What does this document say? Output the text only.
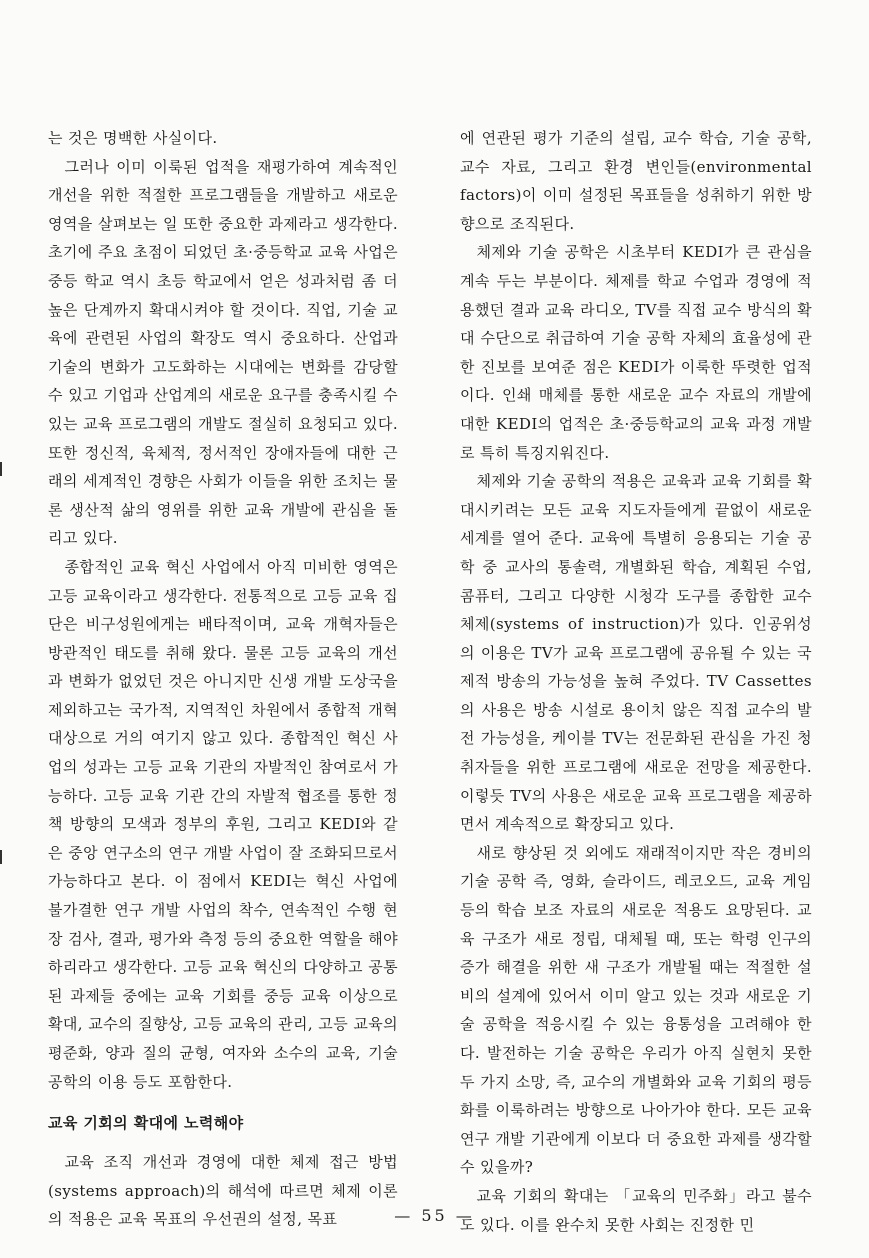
는 것은 명백한 사실이다.

그러나 이미 이룩된 업적을 재평가하여 계속적인 개선을 위한 적절한 프로그램들을 개발하고 새로운 영역을 살펴보는 일 또한 중요한 과제라고 생각한다. 초기에 주요 초점이 되었던 초·중등학교 교육 사업은 중등 학교 역시 초등 학교에서 얻은 성과처럼 좀 더 높은 단계까지 확대시켜야 할 것이다. 직업, 기술 교육에 관련된 사업의 확장도 역시 중요하다. 산업과 기술의 변화가 고도화하는 시대에는 변화를 감당할 수 있고 기업과 산업계의 새로운 요구를 충족시킬 수 있는 교육 프로그램의 개발도 절실히 요청되고 있다. 또한 정신적, 육체적, 정서적인 장애자들에 대한 근래의 세계적인 경향은 사회가 이들을 위한 조치는 물론 생산적 삶의 영위를 위한 교육 개발에 관심을 돌리고 있다.

종합적인 교육 혁신 사업에서 아직 미비한 영역은 고등 교육이라고 생각한다. 전통적으로 고등 교육 집단은 비구성원에게는 배타적이며, 교육 개혁자들은 방관적인 태도를 취해 왔다. 물론 고등 교육의 개선과 변화가 없었던 것은 아니지만 신생 개발 도상국을 제외하고는 국가적, 지역적인 차원에서 종합적 개혁 대상으로 거의 여기지 않고 있다. 종합적인 혁신 사업의 성과는 고등 교육 기관의 자발적인 참여로서 가능하다. 고등 교육 기관 간의 자발적 협조를 통한 정책 방향의 모색과 정부의 후원, 그리고 KEDI와 같은 중앙 연구소의 연구 개발 사업이 잘 조화되므로서 가능하다고 본다. 이 점에서 KEDI는 혁신 사업에 불가결한 연구 개발 사업의 착수, 연속적인 수행 현장 검사, 결과, 평가와 측정 등의 중요한 역할을 해야 하리라고 생각한다. 고등 교육 혁신의 다양하고 공통된 과제들 중에는 교육 기회를 중등 교육 이상으로 확대, 교수의 질향상, 고등 교육의 관리, 고등 교육의 평준화, 양과 질의 균형, 여자와 소수의 교육, 기술 공학의 이용 등도 포함한다.

교육 기회의 확대에 노력해야

교육 조직 개선과 경영에 대한 체제 접근 방법(systems approach)의 해석에 따르면 체제 이론의 적용은 교육 목표의 우선권의 설정, 목표

에 연관된 평가 기준의 설립, 교수 학습, 기술 공학, 교수 자료, 그리고 환경 변인들(environmental factors)이 이미 설정된 목표들을 성취하기 위한 방향으로 조직된다.

체제와 기술 공학은 시초부터 KEDI가 큰 관심을 계속 두는 부분이다. 체제를 학교 수업과 경영에 적용했던 결과 교육 라디오, TV를 직접 교수 방식의 확대 수단으로 취급하여 기술 공학 자체의 효율성에 관한 진보를 보여준 점은 KEDI가 이룩한 뚜렷한 업적이다. 인쇄 매체를 통한 새로운 교수 자료의 개발에 대한 KEDI의 업적은 초·중등학교의 교육 과정 개발로 특히 특징지워진다.

체제와 기술 공학의 적용은 교육과 교육 기회를 확대시키려는 모든 교육 지도자들에게 끝없이 새로운 세계를 열어 준다. 교육에 특별히 응용되는 기술 공학 중 교사의 통솔력, 개별화된 학습, 계획된 수업, 콤퓨터, 그리고 다양한 시청각 도구를 종합한 교수 체제(systems of instruction)가 있다. 인공위성의 이용은 TV가 교육 프로그램에 공유될 수 있는 국제적 방송의 가능성을 높혀 주었다. TV Cassettes의 사용은 방송 시설로 용이치 않은 직접 교수의 발전 가능성을, 케이블 TV는 전문화된 관심을 가진 청취자들을 위한 프로그램에 새로운 전망을 제공한다. 이렇듯 TV의 사용은 새로운 교육 프로그램을 제공하면서 계속적으로 확장되고 있다.

새로 향상된 것 외에도 재래적이지만 작은 경비의 기술 공학 즉, 영화, 슬라이드, 레코오드, 교육 게임 등의 학습 보조 자료의 새로운 적용도 요망된다. 교육 구조가 새로 정립, 대체될 때, 또는 학령 인구의 증가 해결을 위한 새 구조가 개발될 때는 적절한 설비의 설계에 있어서 이미 알고 있는 것과 새로운 기술 공학을 적응시킬 수 있는 융통성을 고려해야 한다. 발전하는 기술 공학은 우리가 아직 실현치 못한 두 가지 소망, 즉, 교수의 개별화와 교육 기회의 평등화를 이룩하려는 방향으로 나아가야 한다. 모든 교육 연구 개발 기관에게 이보다 더 중요한 과제를 생각할 수 있을까?

교육 기회의 확대는 「교육의 민주화」라고 불수도 있다. 이를 완수치 못한 사회는 진정한 민

— 55 —
